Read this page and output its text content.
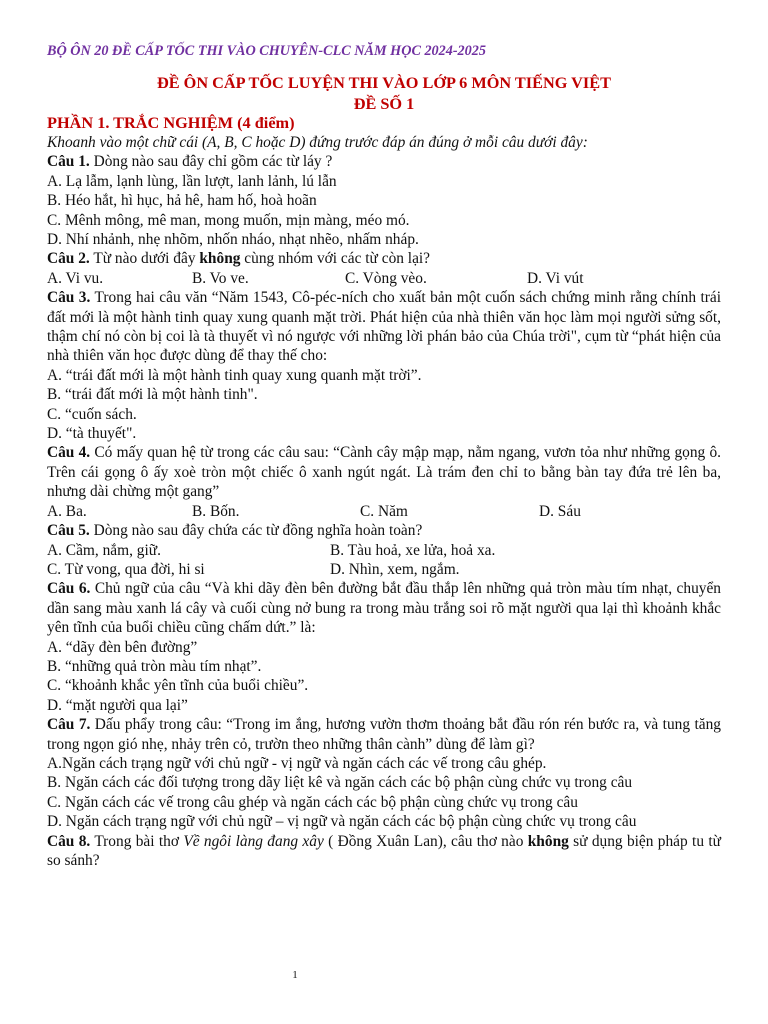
BỘ ÔN 20 ĐỀ CẤP TỐC THI VÀO CHUYÊN-CLC NĂM HỌC 2024-2025
ĐỀ ÔN CẤP TỐC LUYỆN THI VÀO LỚP 6 MÔN TIẾNG VIỆT
ĐỀ SỐ 1
PHẦN 1. TRẮC NGHIỆM (4 điểm)

Khoanh vào một chữ cái (A, B, C hoặc D) đứng trước đáp án đúng ở mỗi câu dưới đây:

Câu 1. Dòng nào sau đây chỉ gồm các từ láy ?

A. Lạ lẫm, lạnh lùng, lần lượt, lanh lảnh, lú lẫn

B. Héo hắt, hì hục, hả hê, ham hố, hoà hoãn

C. Mênh mông, mê man, mong muốn, mịn màng, méo mó.

D. Nhí nhảnh, nhẹ nhõm, nhốn nháo, nhạt nhẽo, nhấm nháp.

Câu 2. Từ nào dưới đây không cùng nhóm với các từ còn lại?

A. Vi vu.	B. Vo ve.	C. Vòng vèo.	D. Vi vút

Câu 3. Trong hai câu văn “Năm 1543, Cô-péc-ních cho xuất bản một cuốn sách chứng minh rằng chính trái đất mới là một hành tinh quay xung quanh mặt trời. Phát hiện của nhà thiên văn học làm mọi người sửng sốt, thậm chí nó còn bị coi là tà thuyết vì nó ngược với những lời phán bảo của Chúa trời", cụm từ “phát hiện của nhà thiên văn học được dùng để thay thế cho:

A. “trái đất mới là một hành tinh quay xung quanh mặt trời”.

B. “trái đất mới là một hành tinh".

C. “cuốn sách.

D. “tà thuyết".

Câu 4. Có mấy quan hệ từ trong các câu sau: “Cành cây mập mạp, nằm ngang, vươn tỏa như những gọng ô. Trên cái gọng ô ấy xoè tròn một chiếc ô xanh ngút ngát. Là trám đen chỉ to bằng bàn tay đứa trẻ lên ba, nhưng dài chừng một gang”

A. Ba.	B. Bốn.	C. Năm	D. Sáu

Câu 5. Dòng nào sau đây chứa các từ đồng nghĩa hoàn toàn?

A. Cầm, nắm, giữ.	B. Tàu hoả, xe lửa, hoả xa.
C. Từ vong, qua đời, hi si	D. Nhìn, xem, ngắm.

Câu 6. Chủ ngữ của câu “Và khi dãy đèn bên đường bắt đầu thắp lên những quả tròn màu tím nhạt, chuyển dần sang màu xanh lá cây và cuối cùng nở bung ra trong màu trắng soi rõ mặt người qua lại thì khoảnh khắc yên tĩnh của buổi chiều cũng chấm dứt.” là:

A. “dãy đèn bên đường”

B. “những quả tròn màu tím nhạt”.

C. “khoảnh khắc yên tĩnh của buổi chiều”.

D. “mặt người qua lại”

Câu 7. Dấu phẩy trong câu: “Trong im ắng, hương vườn thơm thoảng bắt đầu rón rén bước ra, và tung tăng trong ngọn gió nhẹ, nhảy trên cỏ, trườn theo những thân cành” dùng để làm gì?

A.Ngăn cách trạng ngữ với chủ ngữ - vị ngữ và ngăn cách các vế trong câu ghép.

B. Ngăn cách các đối tượng trong dãy liệt kê và ngăn cách các bộ phận cùng chức vụ trong câu

C. Ngăn cách các vế trong câu ghép và ngăn cách các bộ phận cùng chức vụ trong câu

D. Ngăn cách trạng ngữ với chủ ngữ – vị ngữ và ngăn cách các bộ phận cùng chức vụ trong câu

Câu 8. Trong bài thơ Về ngôi làng đang xây ( Đồng Xuân Lan), câu thơ nào không sử dụng biện pháp tu từ so sánh?

1
